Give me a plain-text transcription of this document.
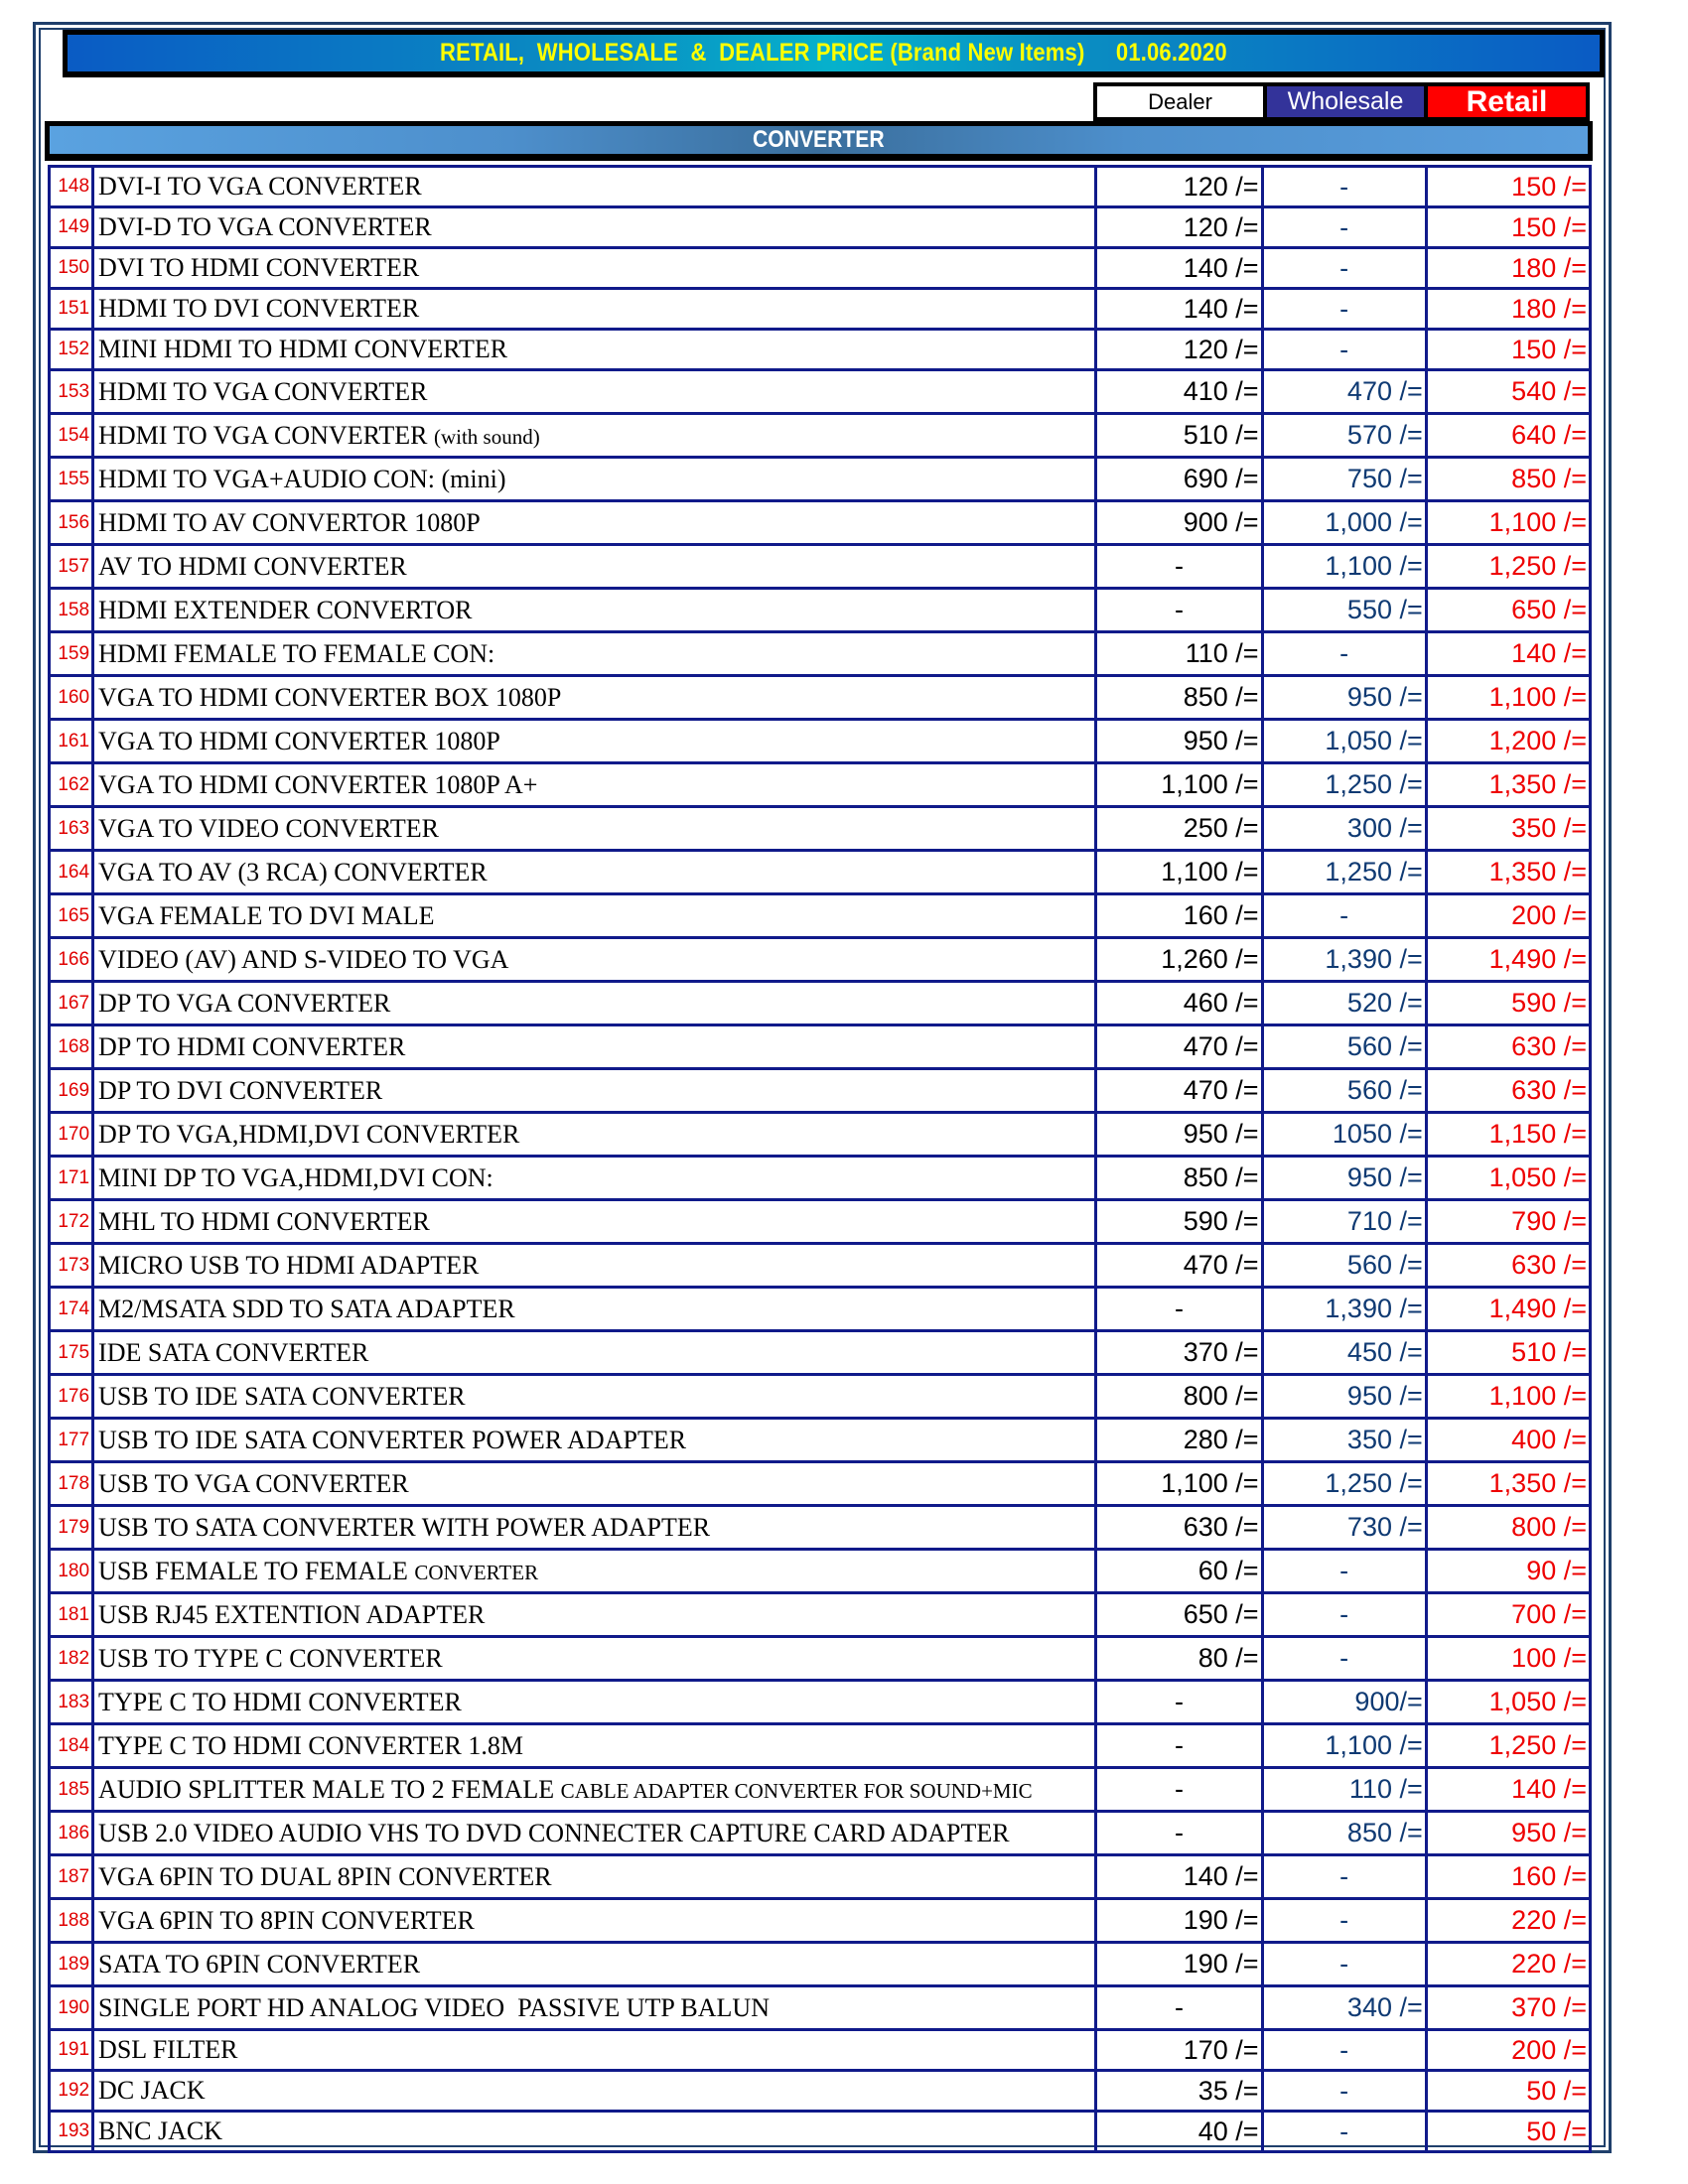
RETAIL,  WHOLESALE  &  DEALER PRICE (Brand New Items)     01.06.2020
Dealer	Wholesale	Retail
CONVERTER
148	DVI-I TO VGA CONVERTER	120 /=	-	150 /=
149	DVI-D TO VGA CONVERTER	120 /=	-	150 /=
150	DVI TO HDMI CONVERTER	140 /=	-	180 /=
151	HDMI TO DVI CONVERTER	140 /=	-	180 /=
152	MINI HDMI TO HDMI CONVERTER	120 /=	-	150 /=
153	HDMI TO VGA CONVERTER	410 /=	470 /=	540 /=
154	HDMI TO VGA CONVERTER (with sound)	510 /=	570 /=	640 /=
155	HDMI TO VGA+AUDIO CON: (mini)	690 /=	750 /=	850 /=
156	HDMI TO AV CONVERTOR 1080P	900 /=	1,000 /=	1,100 /=
157	AV TO HDMI CONVERTER	-	1,100 /=	1,250 /=
158	HDMI EXTENDER CONVERTOR	-	550 /=	650 /=
159	HDMI FEMALE TO FEMALE CON:	110 /=	-	140 /=
160	VGA TO HDMI CONVERTER BOX 1080P	850 /=	950 /=	1,100 /=
161	VGA TO HDMI CONVERTER 1080P	950 /=	1,050 /=	1,200 /=
162	VGA TO HDMI CONVERTER 1080P A+	1,100 /=	1,250 /=	1,350 /=
163	VGA TO VIDEO CONVERTER	250 /=	300 /=	350 /=
164	VGA TO AV (3 RCA) CONVERTER	1,100 /=	1,250 /=	1,350 /=
165	VGA FEMALE TO DVI MALE	160 /=	-	200 /=
166	VIDEO (AV) AND S-VIDEO TO VGA	1,260 /=	1,390 /=	1,490 /=
167	DP TO VGA CONVERTER	460 /=	520 /=	590 /=
168	DP TO HDMI CONVERTER	470 /=	560 /=	630 /=
169	DP TO DVI CONVERTER	470 /=	560 /=	630 /=
170	DP TO VGA,HDMI,DVI CONVERTER	950 /=	1050 /=	1,150 /=
171	MINI DP TO VGA,HDMI,DVI CON:	850 /=	950 /=	1,050 /=
172	MHL TO HDMI CONVERTER	590 /=	710 /=	790 /=
173	MICRO USB TO HDMI ADAPTER	470 /=	560 /=	630 /=
174	M2/MSATA SDD TO SATA ADAPTER	-	1,390 /=	1,490 /=
175	IDE SATA CONVERTER	370 /=	450 /=	510 /=
176	USB TO IDE SATA CONVERTER	800 /=	950 /=	1,100 /=
177	USB TO IDE SATA CONVERTER POWER ADAPTER	280 /=	350 /=	400 /=
178	USB TO VGA CONVERTER	1,100 /=	1,250 /=	1,350 /=
179	USB TO SATA CONVERTER WITH POWER ADAPTER	630 /=	730 /=	800 /=
180	USB FEMALE TO FEMALE CONVERTER	60 /=	-	90 /=
181	USB RJ45 EXTENTION ADAPTER	650 /=	-	700 /=
182	USB TO TYPE C CONVERTER	80 /=	-	100 /=
183	TYPE C TO HDMI CONVERTER	-	900/=	1,050 /=
184	TYPE C TO HDMI CONVERTER 1.8M	-	1,100 /=	1,250 /=
185	AUDIO SPLITTER MALE TO 2 FEMALE CABLE ADAPTER CONVERTER FOR SOUND+MIC	-	110 /=	140 /=
186	USB 2.0 VIDEO AUDIO VHS TO DVD CONNECTER CAPTURE CARD ADAPTER	-	850 /=	950 /=
187	VGA 6PIN TO DUAL 8PIN CONVERTER	140 /=	-	160 /=
188	VGA 6PIN TO 8PIN CONVERTER	190 /=	-	220 /=
189	SATA TO 6PIN CONVERTER	190 /=	-	220 /=
190	SINGLE PORT HD ANALOG VIDEO  PASSIVE UTP BALUN	-	340 /=	370 /=
191	DSL FILTER	170 /=	-	200 /=
192	DC JACK	35 /=	-	50 /=
193	BNC JACK	40 /=	-	50 /=
